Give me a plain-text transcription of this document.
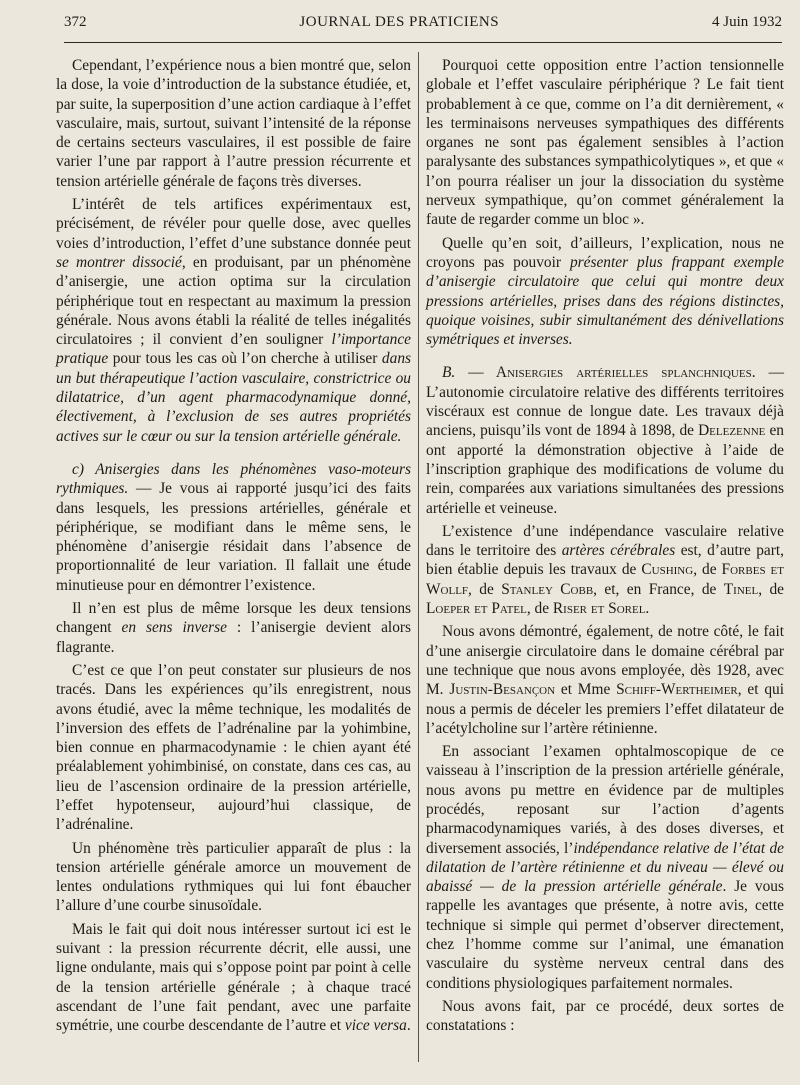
372	JOURNAL DES PRATICIENS	4 Juin 1932

Cependant, l’expérience nous a bien montré que, selon la dose, la voie d’introduction de la substance étudiée, et, par suite, la superposition d’une action cardiaque à l’effet vasculaire, mais, surtout, suivant l’intensité de la réponse de certains secteurs vasculaires, il est possible de faire varier l’une par rapport à l’autre pression récurrente et tension artérielle générale de façons très diverses.

L’intérêt de tels artifices expérimentaux est, précisément, de révéler pour quelle dose, avec quelles voies d’introduction, l’effet d’une substance donnée peut se montrer dissocié, en produisant, par un phénomène d’anisergie, une action optima sur la circulation périphérique tout en respectant au maximum la pression générale. Nous avons établi la réalité de telles inégalités circulatoires ; il convient d’en souligner l’importance pratique pour tous les cas où l’on cherche à utiliser dans un but thérapeutique l’action vasculaire, constrictrice ou dilatatrice, d’un agent pharmacodynamique donné, électivement, à l’exclusion de ses autres propriétés actives sur le cœur ou sur la tension artérielle générale.

c) Anisergies dans les phénomènes vaso-moteurs rythmiques. — Je vous ai rapporté jusqu’ici des faits dans lesquels, les pressions artérielles, générale et périphérique, se modifiant dans le même sens, le phénomène d’anisergie résidait dans l’absence de proportionnalité de leur variation. Il fallait une étude minutieuse pour en démontrer l’existence.

Il n’en est plus de même lorsque les deux tensions changent en sens inverse : l’anisergie devient alors flagrante.

C’est ce que l’on peut constater sur plusieurs de nos tracés. Dans les expériences qu’ils enregistrent, nous avons étudié, avec la même technique, les modalités de l’inversion des effets de l’adrénaline par la yohimbine, bien connue en pharmacodynamie : le chien ayant été préalablement yohimbinisé, on constate, dans ces cas, au lieu de l’ascension ordinaire de la pression artérielle, l’effet hypotenseur, aujourd’hui classique, de l’adrénaline.

Un phénomène très particulier apparaît de plus : la tension artérielle générale amorce un mouvement de lentes ondulations rythmiques qui lui font ébaucher l’allure d’une courbe sinusoïdale.

Mais le fait qui doit nous intéresser surtout ici est le suivant : la pression récurrente décrit, elle aussi, une ligne ondulante, mais qui s’oppose point par point à celle de la tension artérielle générale ; à chaque tracé ascendant de l’une fait pendant, avec une parfaite symétrie, une courbe descendante de l’autre et vice versa.

Pourquoi cette opposition entre l’action tensionnelle globale et l’effet vasculaire périphérique ? Le fait tient probablement à ce que, comme on l’a dit dernièrement, « les terminaisons nerveuses sympathiques des différents organes ne sont pas également sensibles à l’action paralysante des substances sympathicolytiques », et que « l’on pourra réaliser un jour la dissociation du système nerveux sympathique, qu’on commet généralement la faute de regarder comme un bloc ».

Quelle qu’en soit, d’ailleurs, l’explication, nous ne croyons pas pouvoir présenter plus frappant exemple d’anisergie circulatoire que celui qui montre deux pressions artérielles, prises dans des régions distinctes, quoique voisines, subir simultanément des dénivellations symétriques et inverses.

B. — Anisergies artérielles splanchniques. — L’autonomie circulatoire relative des différents territoires viscéraux est connue de longue date. Les travaux déjà anciens, puisqu’ils vont de 1894 à 1898, de Delezenne en ont apporté la démonstration objective à l’aide de l’inscription graphique des modifications de volume du rein, comparées aux variations simultanées des pressions artérielle et veineuse.

L’existence d’une indépendance vasculaire relative dans le territoire des artères cérébrales est, d’autre part, bien établie depuis les travaux de Cushing, de Forbes et Wollf, de Stanley Cobb, et, en France, de Tinel, de Loeper et Patel, de Riser et Sorel.

Nous avons démontré, également, de notre côté, le fait d’une anisergie circulatoire dans le domaine cérébral par une technique que nous avons employée, dès 1928, avec M. Justin-Besançon et Mme Schiff-Wertheimer, et qui nous a permis de déceler les premiers l’effet dilatateur de l’acétylcholine sur l’artère rétinienne.

En associant l’examen ophtalmoscopique de ce vaisseau à l’inscription de la pression artérielle générale, nous avons pu mettre en évidence par de multiples procédés, reposant sur l’action d’agents pharmacodynamiques variés, à des doses diverses, et diversement associés, l’indépendance relative de l’état de dilatation de l’artère rétinienne et du niveau — élevé ou abaissé — de la pression artérielle générale. Je vous rappelle les avantages que présente, à notre avis, cette technique si simple qui permet d’observer directement, chez l’homme comme sur l’animal, une émanation vasculaire du système nerveux central dans des conditions physiologiques parfaitement normales.

Nous avons fait, par ce procédé, deux sortes de constatations :
